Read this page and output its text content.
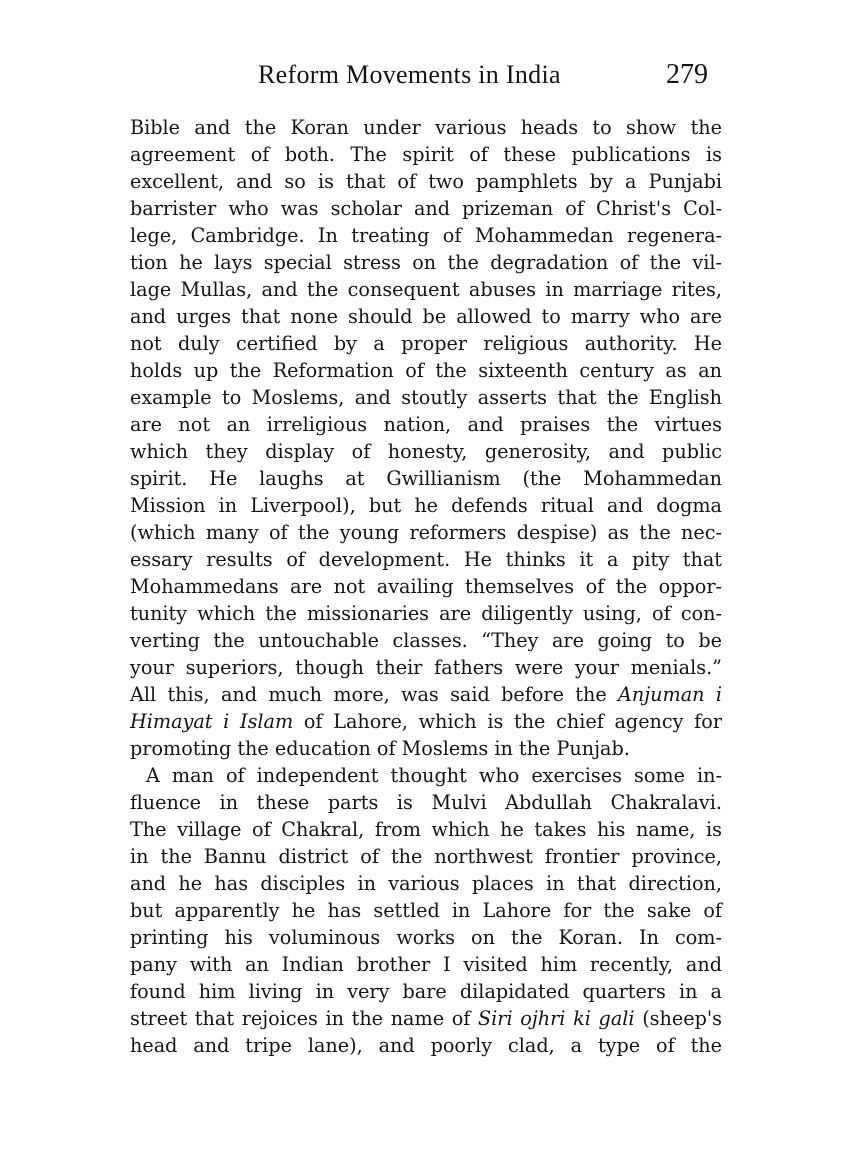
Reform Movements in India	279
Bible and the Koran under various heads to show the
agreement of both. The spirit of these publications is
excellent, and so is that of two pamphlets by a Punjabi
barrister who was scholar and prizeman of Christ's Col-
lege, Cambridge. In treating of Mohammedan regenera-
tion he lays special stress on the degradation of the vil-
lage Mullas, and the consequent abuses in marriage rites,
and urges that none should be allowed to marry who are
not duly certified by a proper religious authority. He
holds up the Reformation of the sixteenth century as an
example to Moslems, and stoutly asserts that the English
are not an irreligious nation, and praises the virtues
which they display of honesty, generosity, and public
spirit. He laughs at Gwillianism (the Mohammedan
Mission in Liverpool), but he defends ritual and dogma
(which many of the young reformers despise) as the nec-
essary results of development. He thinks it a pity that
Mohammedans are not availing themselves of the oppor-
tunity which the missionaries are diligently using, of con-
verting the untouchable classes. “They are going to be
your superiors, though their fathers were your menials.”
All this, and much more, was said before the Anjuman i
Himayat i Islam of Lahore, which is the chief agency for
promoting the education of Moslems in the Punjab.
A man of independent thought who exercises some in-
fluence in these parts is Mulvi Abdullah Chakralavi.
The village of Chakral, from which he takes his name, is
in the Bannu district of the northwest frontier province,
and he has disciples in various places in that direction,
but apparently he has settled in Lahore for the sake of
printing his voluminous works on the Koran. In com-
pany with an Indian brother I visited him recently, and
found him living in very bare dilapidated quarters in a
street that rejoices in the name of Siri ojhri ki gali (sheep's
head and tripe lane), and poorly clad, a type of the
